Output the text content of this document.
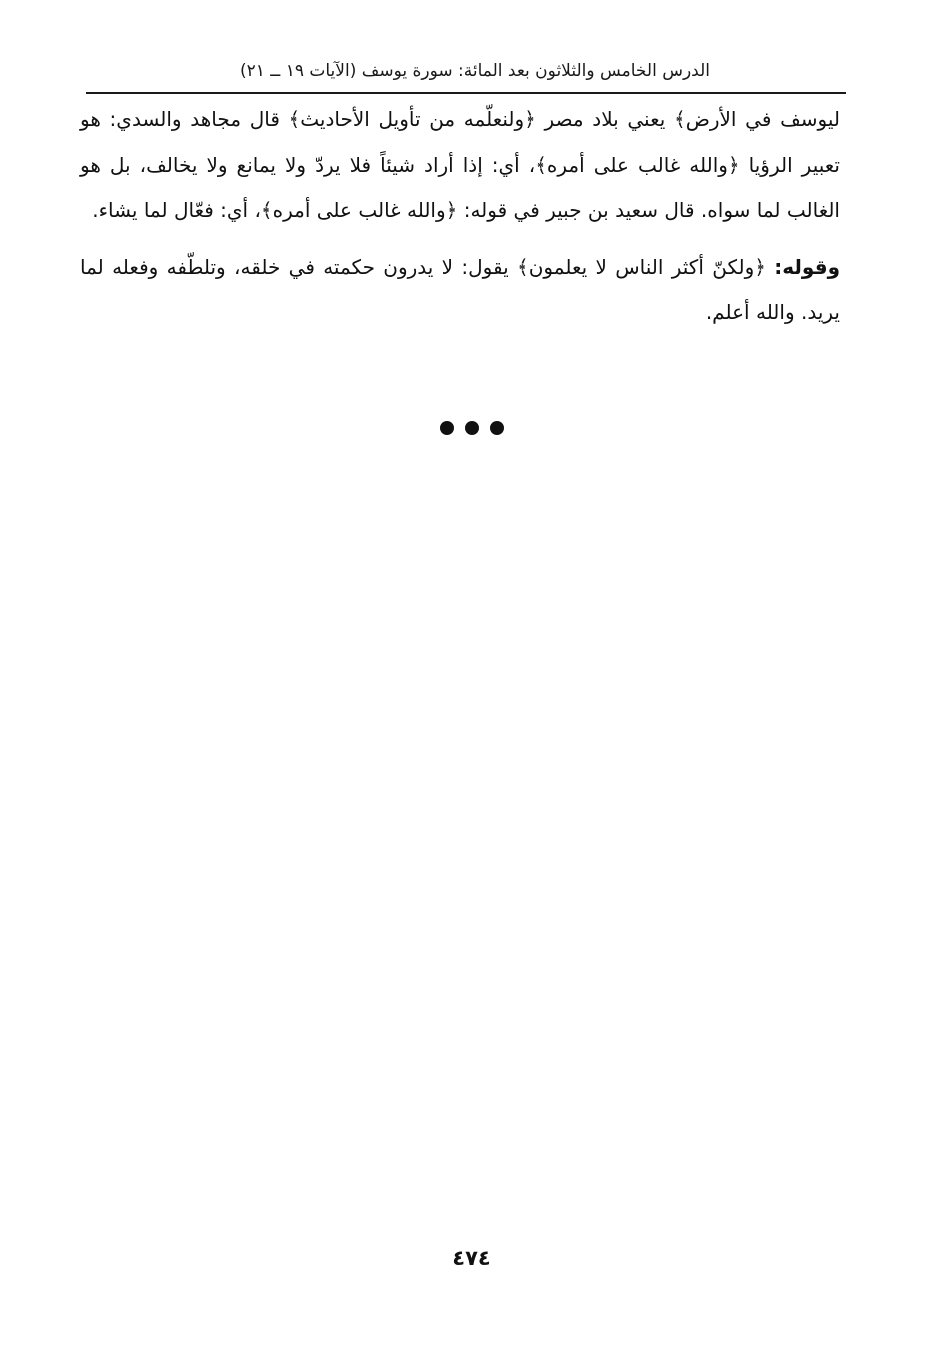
الدرس الخامس والثلاثون بعد المائة: سورة يوسف (الآيات ١٩ ــ ٢١)

ليوسف في الأرض﴾ يعني بلاد مصر ﴿ولنعلّمه من تأويل الأحاديث﴾ قال مجاهد والسدي: هو تعبير الرؤيا ﴿والله غالب على أمره﴾، أي: إذا أراد شيئاً فلا يردّ ولا يمانع ولا يخالف، بل هو الغالب لما سواه. قال سعيد بن جبير في قوله: ﴿والله غالب على أمره﴾، أي: فعّال لما يشاء.

وقوله: ﴿ولكنّ أكثر الناس لا يعلمون﴾ يقول: لا يدرون حكمته في خلقه، وتلطّفه وفعله لما يريد. والله أعلم.

٤٧٤
